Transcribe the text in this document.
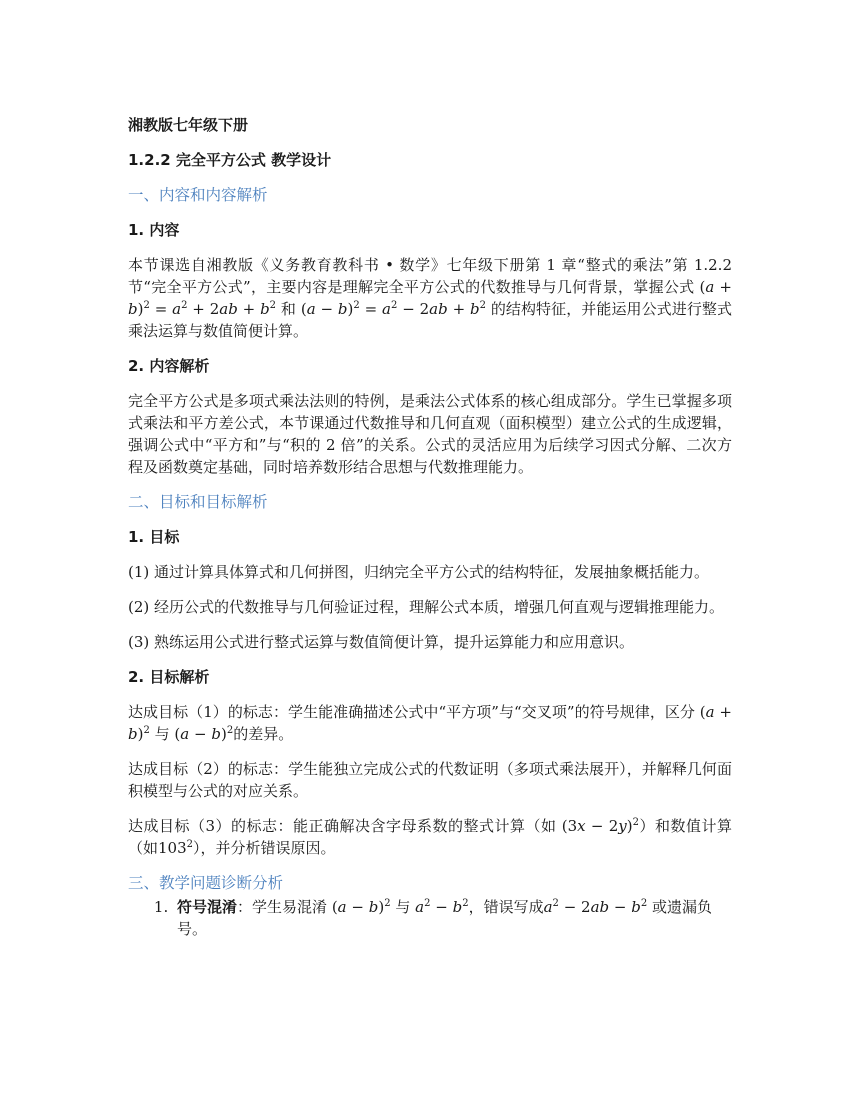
湘教版七年级下册

1.2.2 完全平方公式 教学设计

一、内容和内容解析

1. 内容

本节课选自湘教版《义务教育教科书 • 数学》七年级下册第 1 章“整式的乘法”第 1.2.2 节“完全平方公式”，主要内容是理解完全平方公式的代数推导与几何背景，掌握公式 $(a + b)^2 = a^2 + 2ab + b^2$ 和 $(a - b)^2 = a^2 - 2ab + b^2$ 的结构特征，并能运用公式进行整式乘法运算与数值简便计算。

2. 内容解析

完全平方公式是多项式乘法法则的特例，是乘法公式体系的核心组成部分。学生已掌握多项式乘法和平方差公式，本节课通过代数推导和几何直观（面积模型）建立公式的生成逻辑，强调公式中“平方和”与“积的 2 倍”的关系。公式的灵活应用为后续学习因式分解、二次方程及函数奠定基础，同时培养数形结合思想与代数推理能力。

二、目标和目标解析

1. 目标

(1) 通过计算具体算式和几何拼图，归纳完全平方公式的结构特征，发展抽象概括能力。

(2) 经历公式的代数推导与几何验证过程，理解公式本质，增强几何直观与逻辑推理能力。

(3) 熟练运用公式进行整式运算与数值简便计算，提升运算能力和应用意识。

2. 目标解析

达成目标（1）的标志：学生能准确描述公式中“平方项”与“交叉项”的符号规律，区分 $(a + b)^2$ 与 $(a - b)^2$的差异。

达成目标（2）的标志：学生能独立完成公式的代数证明（多项式乘法展开），并解释几何面积模型与公式的对应关系。

达成目标（3）的标志：能正确解决含字母系数的整式计算（如 $(3x - 2y)^2$）和数值计算（如$103^2$），并分析错误原因。

三、教学问题诊断分析

1. 符号混淆：学生易混淆 $(a - b)^2$ 与 $a^2 - b^2$，错误写成$a^2 - 2ab - b^2$ 或遗漏负号。
